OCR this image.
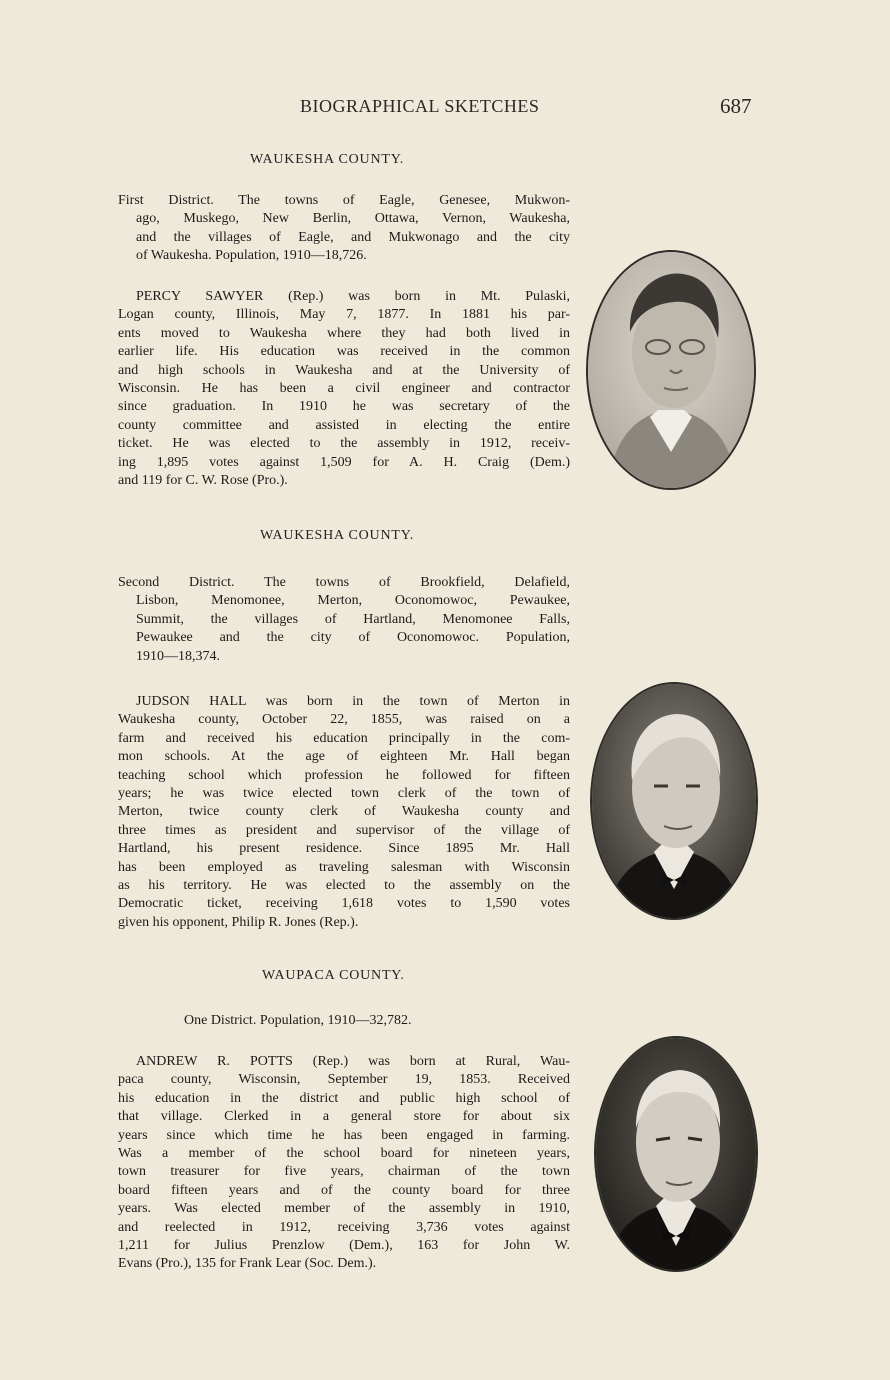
BIOGRAPHICAL SKETCHES	687
WAUKESHA COUNTY.
First District. The towns of Eagle, Genesee, Mukwon-
ago, Muskego, New Berlin, Ottawa, Vernon, Waukesha,
and the villages of Eagle, and Mukwonago and the city
of Waukesha. Population, 1910—18,726.
PERCY SAWYER (Rep.) was born in Mt. Pulaski,
Logan county, Illinois, May 7, 1877. In 1881 his par-
ents moved to Waukesha where they had both lived in
earlier life. His education was received in the common
and high schools in Waukesha and at the University of
Wisconsin. He has been a civil engineer and contractor
since graduation. In 1910 he was secretary of the
county committee and assisted in electing the entire
ticket. He was elected to the assembly in 1912, receiv-
ing 1,895 votes against 1,509 for A. H. Craig (Dem.)
and 119 for C. W. Rose (Pro.).
WAUKESHA COUNTY.
Second District. The towns of Brookfield, Delafield,
Lisbon, Menomonee, Merton, Oconomowoc, Pewaukee,
Summit, the villages of Hartland, Menomonee Falls,
Pewaukee and the city of Oconomowoc. Population,
1910—18,374.
JUDSON HALL was born in the town of Merton in
Waukesha county, October 22, 1855, was raised on a
farm and received his education principally in the com-
mon schools. At the age of eighteen Mr. Hall began
teaching school which profession he followed for fifteen
years; he was twice elected town clerk of the town of
Merton, twice county clerk of Waukesha county and
three times as president and supervisor of the village of
Hartland, his present residence. Since 1895 Mr. Hall
has been employed as traveling salesman with Wisconsin
as his territory. He was elected to the assembly on the
Democratic ticket, receiving 1,618 votes to 1,590 votes
given his opponent, Philip R. Jones (Rep.).
WAUPACA COUNTY.
One District. Population, 1910—32,782.
ANDREW R. POTTS (Rep.) was born at Rural, Wau-
paca county, Wisconsin, September 19, 1853. Received
his education in the district and public high school of
that village. Clerked in a general store for about six
years since which time he has been engaged in farming.
Was a member of the school board for nineteen years,
town treasurer for five years, chairman of the town
board fifteen years and of the county board for three
years. Was elected member of the assembly in 1910,
and reelected in 1912, receiving 3,736 votes against
1,211 for Julius Prenzlow (Dem.), 163 for John W.
Evans (Pro.), 135 for Frank Lear (Soc. Dem.).
